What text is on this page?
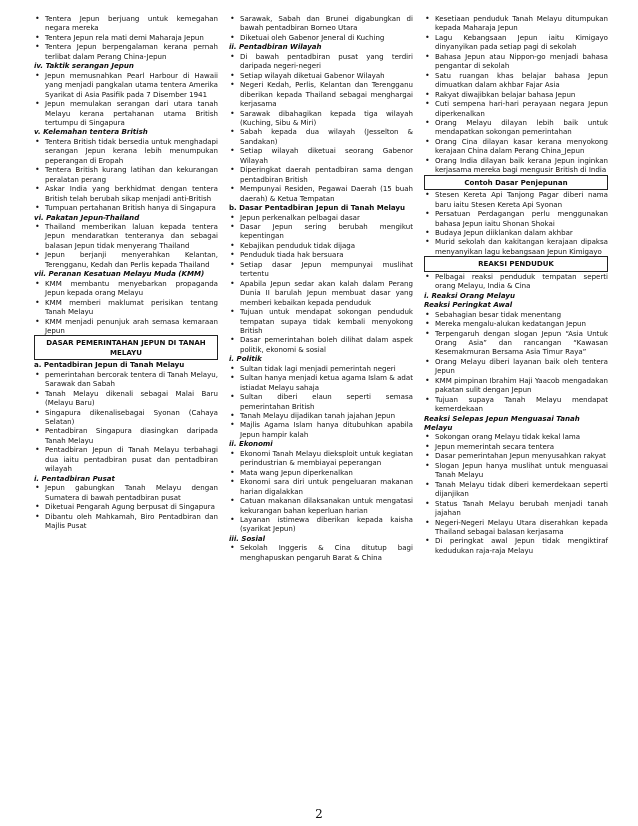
• Tentera Jepun berjuang untuk kemegahan negara mereka
• Tentera Jepun rela mati demi Maharaja Jepun
• Tentera Jepun berpengalaman kerana pernah terlibat dalam Perang China-Jepun
iv. Taktik serangan Jepun
• Jepun memusnahkan Pearl Harbour di Hawaii yang menjadi pangkalan utama tentera Amerika Syarikat di Asia Pasifik pada 7 Disember 1941
• Jepun memulakan serangan dari utara tanah Melayu kerana pertahanan utama British tertumpu di Singapura
v. Kelemahan tentera British
• Tentera British tidak bersedia untuk menghadapi serangan Jepun kerana lebih menumpukan peperangan di Eropah
• Tentera British kurang latihan dan kekurangan peralatan perang
• Askar India yang berkhidmat dengan tentera British telah berubah sikap menjadi anti-British
• Tumpuan pertahanan British hanya di Singapura
vi. Pakatan Jepun-Thailand
• Thailand memberikan laluan kepada tentera Jepun mendaratkan tenteranya dan sebagai balasan Jepun tidak menyerang Thailand
• Jepun berjanji menyerahkan Kelantan, Terengganu, Kedah dan Perlis kepada Thailand
vii. Peranan Kesatuan Melayu Muda (KMM)
• KMM membantu menyebarkan propaganda Jepun kepada orang Melayu
• KMM memberi maklumat perisikan tentang Tanah Melayu
• KMM menjadi penunjuk arah semasa kemaraan Jepun
DASAR PEMERINTAHAN JEPUN DI TANAH MELAYU
a. Pentadbiran Jepun di Tanah Melayu
• pemerintahan bercorak tentera di Tanah Melayu, Sarawak dan Sabah
• Tanah Melayu dikenali sebagai Malai Baru (Melayu Baru)
• Singapura dikenalisebagai Syonan (Cahaya Selatan)
• Pentadbiran Singapura diasingkan daripada Tanah Melayu
• Pentadbiran Jepun di Tanah Melayu terbahagi dua iaitu pentadbiran pusat dan pentadbiran wilayah
i. Pentadbiran Pusat
• Jepun gabungkan Tanah Melayu dengan Sumatera di bawah pentadbiran pusat
• Diketuai Pengarah Agung berpusat di Singapura
• Dibantu oleh Mahkamah, Biro Pentadbiran dan Majlis Pusat
• Sarawak, Sabah dan Brunei digabungkan di bawah pentadbiran Borneo Utara
• Diketuai oleh Gabenor Jeneral di Kuching
ii. Pentadbiran Wilayah
• Di bawah pentadbiran pusat yang terdiri daripada negeri-negeri
• Setiap wilayah diketuai Gabenor Wilayah
• Negeri Kedah, Perlis, Kelantan dan Terengganu diberikan kepada Thailand sebagai menghargai kerjasama
• Sarawak dibahagikan kepada tiga wilayah (Kuching, Sibu & Miri)
• Sabah kepada dua wilayah (Jesselton & Sandakan)
• Setiap wilayah diketuai seorang Gabenor Wilayah
• Diperingkat daerah pentadbiran sama dengan pentadbiran British
• Mempunyai Residen, Pegawai Daerah (15 buah daerah) & Ketua Tempatan
b. Dasar Pentadbiran Jepun di Tanah Melayu
• Jepun perkenalkan pelbagai dasar
• Dasar Jepun sering berubah mengikut kepentingan
• Kebajikan penduduk tidak dijaga
• Penduduk tiada hak bersuara
• Setiap dasar Jepun mempunyai muslihat tertentu
• Apabila Jepun sedar akan kalah dalam Perang Dunia II barulah Jepun membuat dasar yang memberi kebaikan kepada penduduk
• Tujuan untuk mendapat sokongan penduduk tempatan supaya tidak kembali menyokong British
• Dasar pemerintahan boleh dilihat dalam aspek politik, ekonomi & sosial
i. Politik
• Sultan tidak lagi menjadi pemerintah negeri
• Sultan hanya menjadi ketua agama Islam & adat istiadat Melayu sahaja
• Sultan diberi elaun seperti semasa pemerintahan British
• Tanah Melayu dijadikan tanah jajahan Jepun
• Majlis Agama Islam hanya ditubuhkan apabila Jepun hampir kalah
ii. Ekonomi
• Ekonomi Tanah Melayu dieksploit untuk kegiatan perindustrian & membiayai peperangan
• Mata wang Jepun diperkenalkan
• Ekonomi sara diri untuk pengeluaran makanan harian digalakkan
• Catuan makanan dilaksanakan untuk mengatasi kekurangan bahan keperluan harian
• Layanan istimewa diberikan kepada kaisha (syarikat Jepun)
iii. Sosial
• Sekolah Inggeris & Cina ditutup bagi menghapuskan pengaruh Barat & China
• Kesetiaan penduduk Tanah Melayu ditumpukan kepada Maharaja Jepun
• Lagu Kebangsaan Jepun iaitu Kimigayo dinyanyikan pada setiap pagi di sekolah
• Bahasa Jepun atau Nippon-go menjadi bahasa pengantar di sekolah
• Satu ruangan khas belajar bahasa Jepun dimuatkan dalam akhbar Fajar Asia
• Rakyat diwajibkan belajar bahasa Jepun
• Cuti sempena hari-hari perayaan negara Jepun diperkenalkan
• Orang Melayu dilayan lebih baik untuk mendapatkan sokongan pemerintahan
• Orang Cina dilayan kasar kerana menyokong kerajaan China dalam Perang China_Jepun
• Orang India dilayan baik kerana Jepun inginkan kerjasama mereka bagi mengusir British di India
Contoh Dasar Penjepunan
• Stesen Kereta Api Tanjong Pagar diberi nama baru iaitu Stesen Kereta Api Syonan
• Persatuan Perdagangan perlu menggunakan bahasa Jepun iaitu Shonan Shokai
• Budaya Jepun diiklankan dalam akhbar
• Murid sekolah dan kakitangan kerajaan dipaksa menyanyikan lagu kebangsaan Jepun Kimigayo
REAKSI PENDUDUK
• Pelbagai reaksi penduduk tempatan seperti orang Melayu, India & Cina
i. Reaksi Orang Melayu
Reaksi Peringkat Awal
• Sebahagian besar tidak menentang
• Mereka mengalu-alukan kedatangan Jepun
• Terpengaruh dengan slogan Jepun “Asia Untuk Orang Asia” dan rancangan “Kawasan Kesemakmuran Bersama Asia Timur Raya”
• Orang Melayu diberi layanan baik oleh tentera Jepun
• KMM pimpinan Ibrahim Haji Yaacob mengadakan pakatan sulit dengan Jepun
• Tujuan supaya Tanah Melayu mendapat kemerdekaan
Reaksi Selepas Jepun Menguasai Tanah Melayu
• Sokongan orang Melayu tidak kekal lama
• Jepun memerintah secara tentera
• Dasar pemerintahan Jepun menyusahkan rakyat
• Slogan Jepun hanya muslihat untuk menguasai Tanah Melayu
• Tanah Melayu tidak diberi kemerdekaan seperti dijanjikan
• Status Tanah Melayu berubah menjadi tanah jajahan
• Negeri-Negeri Melayu Utara diserahkan kepada Thailand sebagai balasan kerjasama
• Di peringkat awal Jepun tidak mengiktiraf kedudukan raja-raja Melayu
2
